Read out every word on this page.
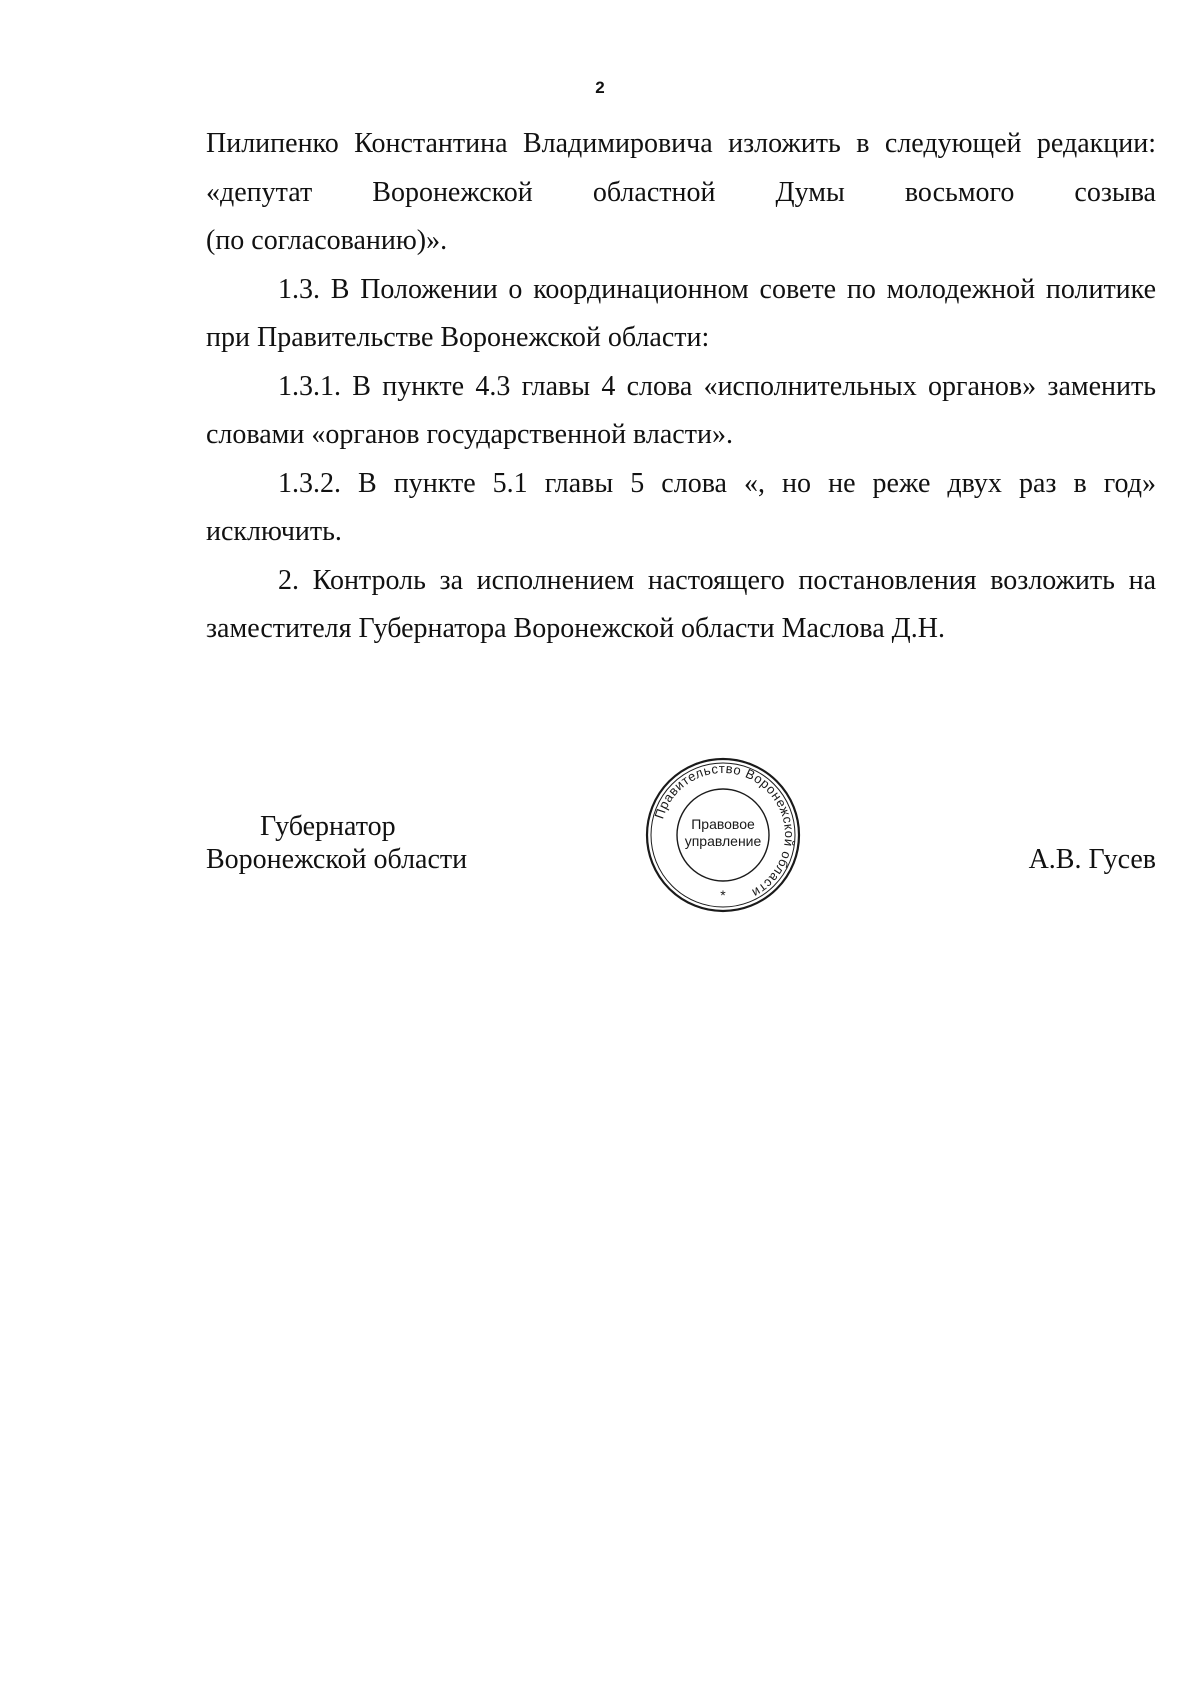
2

Пилипенко Константина Владимировича изложить в следующей редакции:

«депутат Воронежской областной Думы восьмого созыва

(по согласованию)».

1.3. В Положении о координационном совете по молодежной политике при Правительстве Воронежской области:

1.3.1. В пункте 4.3 главы 4 слова «исполнительных органов» заменить словами «органов государственной власти».

1.3.2. В пункте 5.1 главы 5 слова «, но не реже двух раз в год» исключить.

2. Контроль за исполнением настоящего постановления возложить на заместителя Губернатора Воронежской области Маслова Д.Н.

Губернатор
Воронежской области	А.В. Гусев
Правительство Воронежской области
Правовое
управление
*
